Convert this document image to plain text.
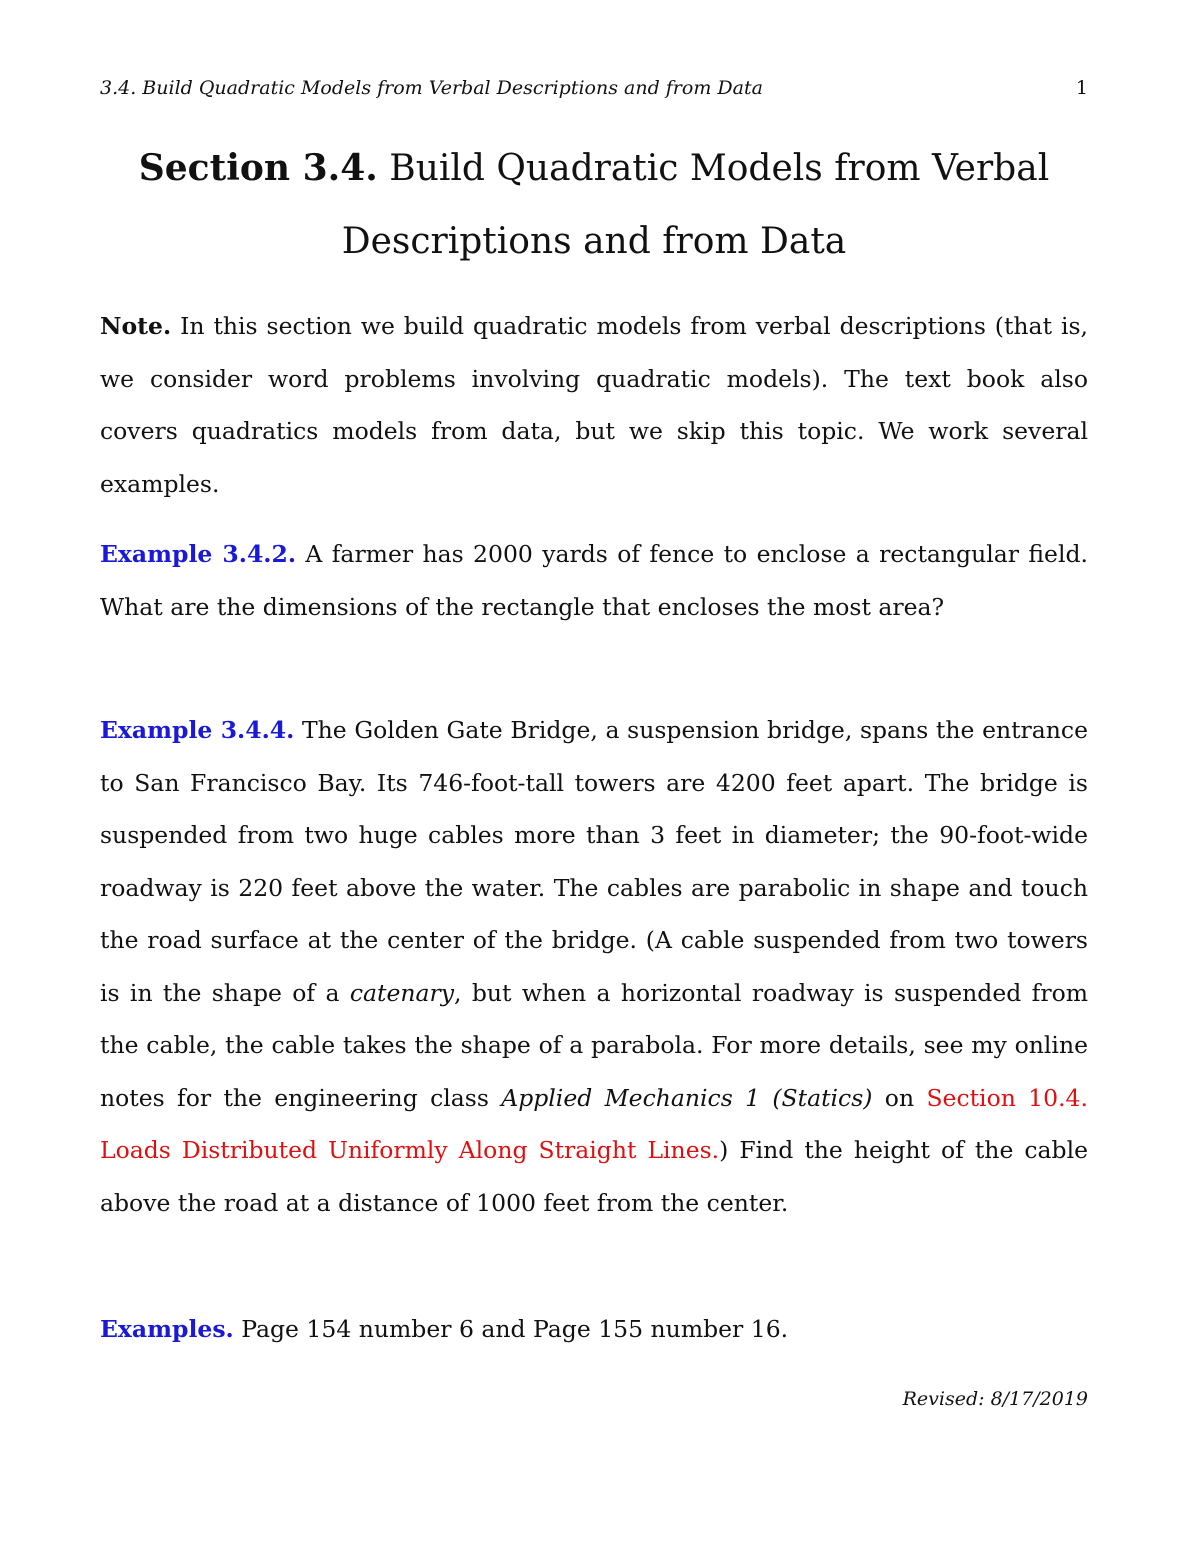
3.4. Build Quadratic Models from Verbal Descriptions and from Data	1
Section 3.4. Build Quadratic Models from Verbal Descriptions and from Data
Note. In this section we build quadratic models from verbal descriptions (that is, we consider word problems involving quadratic models). The text book also covers quadratics models from data, but we skip this topic. We work several examples.
Example 3.4.2. A farmer has 2000 yards of fence to enclose a rectangular field. What are the dimensions of the rectangle that encloses the most area?
Example 3.4.4. The Golden Gate Bridge, a suspension bridge, spans the entrance to San Francisco Bay. Its 746-foot-tall towers are 4200 feet apart. The bridge is suspended from two huge cables more than 3 feet in diameter; the 90-foot-wide roadway is 220 feet above the water. The cables are parabolic in shape and touch the road surface at the center of the bridge. (A cable suspended from two towers is in the shape of a catenary, but when a horizontal roadway is suspended from the cable, the cable takes the shape of a parabola. For more details, see my online notes for the engineering class Applied Mechanics 1 (Statics) on Section 10.4. Loads Distributed Uniformly Along Straight Lines.) Find the height of the cable above the road at a distance of 1000 feet from the center.
Examples. Page 154 number 6 and Page 155 number 16.
Revised: 8/17/2019
